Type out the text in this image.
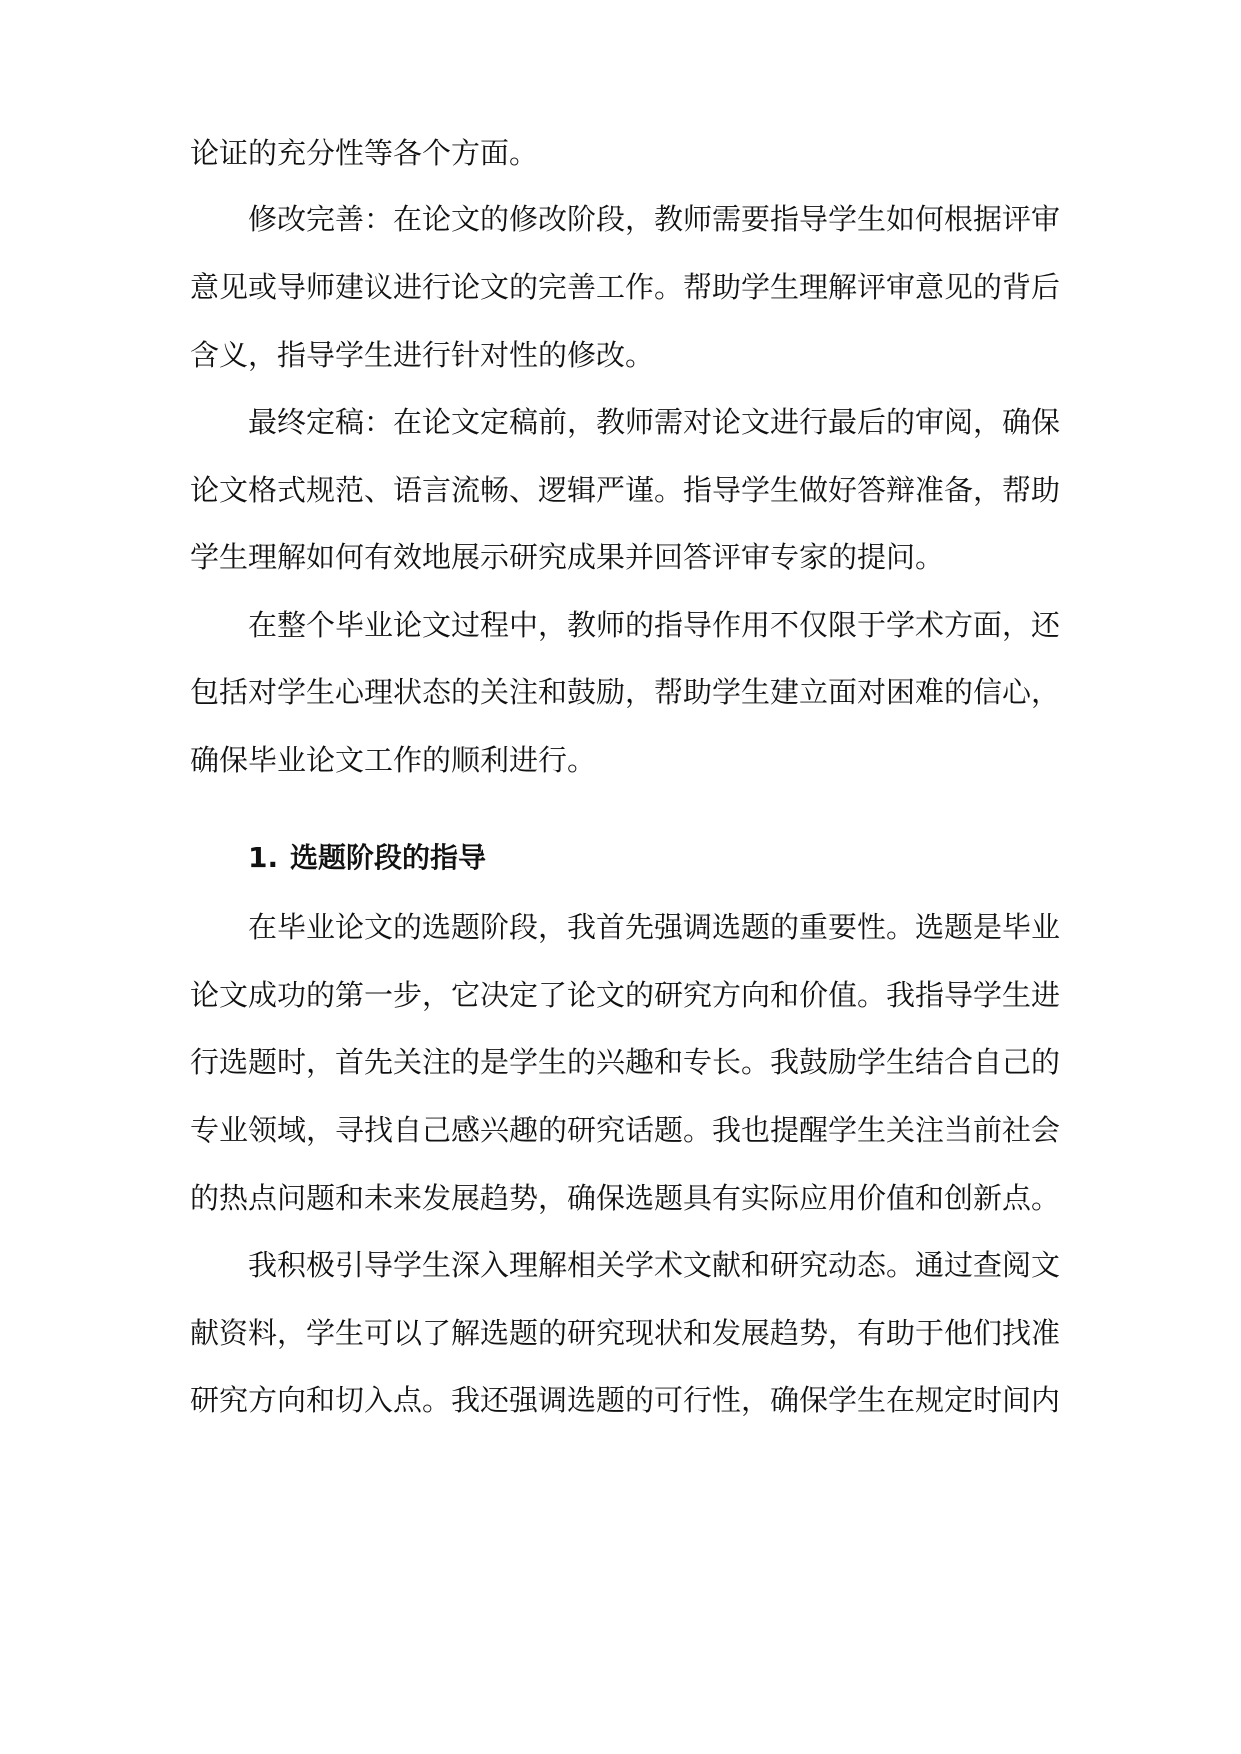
论证的充分性等各个方面。
修改完善：在论文的修改阶段，教师需要指导学生如何根据评审
意见或导师建议进行论文的完善工作。帮助学生理解评审意见的背后
含义，指导学生进行针对性的修改。
最终定稿：在论文定稿前，教师需对论文进行最后的审阅，确保
论文格式规范、语言流畅、逻辑严谨。指导学生做好答辩准备，帮助
学生理解如何有效地展示研究成果并回答评审专家的提问。
在整个毕业论文过程中，教师的指导作用不仅限于学术方面，还
包括对学生心理状态的关注和鼓励，帮助学生建立面对困难的信心，
确保毕业论文工作的顺利进行。
1. 选题阶段的指导
在毕业论文的选题阶段，我首先强调选题的重要性。选题是毕业
论文成功的第一步，它决定了论文的研究方向和价值。我指导学生进
行选题时，首先关注的是学生的兴趣和专长。我鼓励学生结合自己的
专业领域，寻找自己感兴趣的研究话题。我也提醒学生关注当前社会
的热点问题和未来发展趋势，确保选题具有实际应用价值和创新点。
我积极引导学生深入理解相关学术文献和研究动态。通过查阅文
献资料，学生可以了解选题的研究现状和发展趋势，有助于他们找准
研究方向和切入点。我还强调选题的可行性，确保学生在规定时间内
